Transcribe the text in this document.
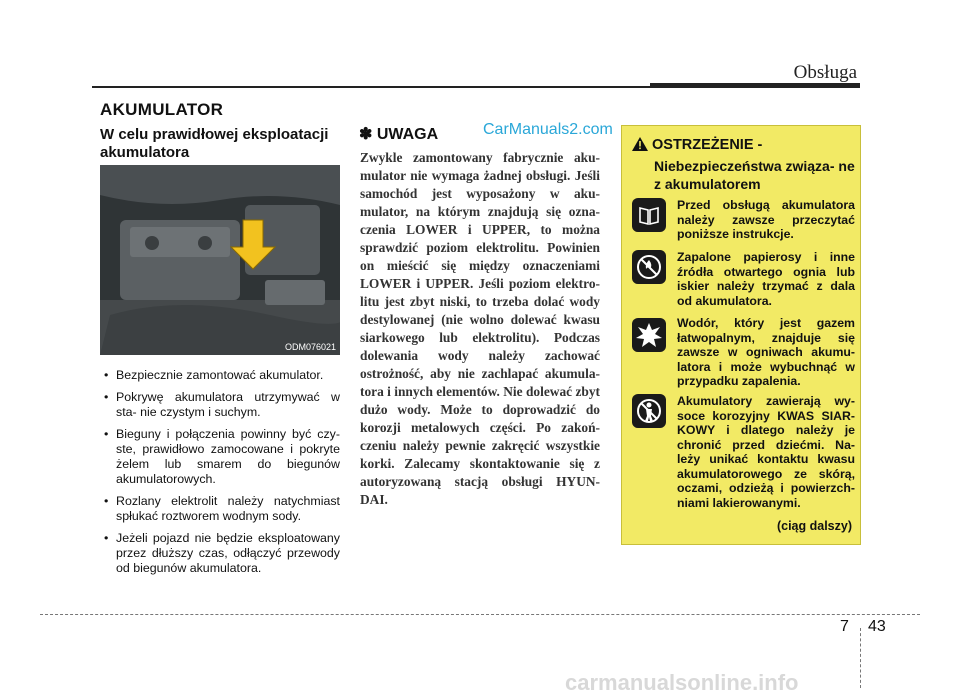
Obsługa
AKUMULATOR
W celu prawidłowej eksploatacji akumulatora
ODM076021
• Bezpiecznie zamontować akumulator.
• Pokrywę akumulatora utrzymywać w sta- nie czystym i suchym.
• Bieguny i połączenia powinny być czy- ste, prawidłowo zamocowane i pokryte żelem lub smarem do biegunów akumulatorowych.
• Rozlany elektrolit należy natychmiast spłukać roztworem wodnym sody.
• Jeżeli pojazd nie będzie eksploatowany przez dłuższy czas, odłączyć przewody od biegunów akumulatora.
✽ UWAGA	CarManuals2.com
Zwykle zamontowany fabrycznie aku- mulator nie wymaga żadnej obsługi. Jeśli samochód jest wyposażony w aku- mulator, na którym znajdują się ozna- czenia LOWER i UPPER, to można sprawdzić poziom elektrolitu. Powinien on mieścić się między oznaczeniami LOWER i UPPER. Jeśli poziom elektro- litu jest zbyt niski, to trzeba dolać wody destylowanej (nie wolno dolewać kwasu siarkowego lub elektrolitu). Podczas dolewania wody należy zachować ostrożność, aby nie zachlapać akumula- tora i innych elementów. Nie dolewać zbyt dużo wody. Może to doprowadzić do korozji metalowych części. Po zakoń- czeniu należy pewnie zakręcić wszystkie korki. Zalecamy skontaktowanie się z autoryzowaną stacją obsługi HYUN- DAI.
OSTRZEŻENIE -
Niebezpieczeństwa związa- ne z akumulatorem
Przed obsługą akumulatora należy zawsze przeczytać poniższe instrukcje.
Zapalone papierosy i inne źródła otwartego ognia lub iskier należy trzymać z dala od akumulatora.
Wodór, który jest gazem łatwopalnym, znajduje się zawsze w ogniwach akumu- latora i może wybuchnąć w przypadku zapalenia.
Akumulatory zawierają wy- soce korozyjny KWAS SIAR- KOWY i dlatego należy je chronić przed dziećmi. Na- leży unikać kontaktu kwasu akumulatorowego ze skórą, oczami, odzieżą i powierzch- niami lakierowanymi.
(ciąg dalszy)
7 43
carmanualsonline.info
